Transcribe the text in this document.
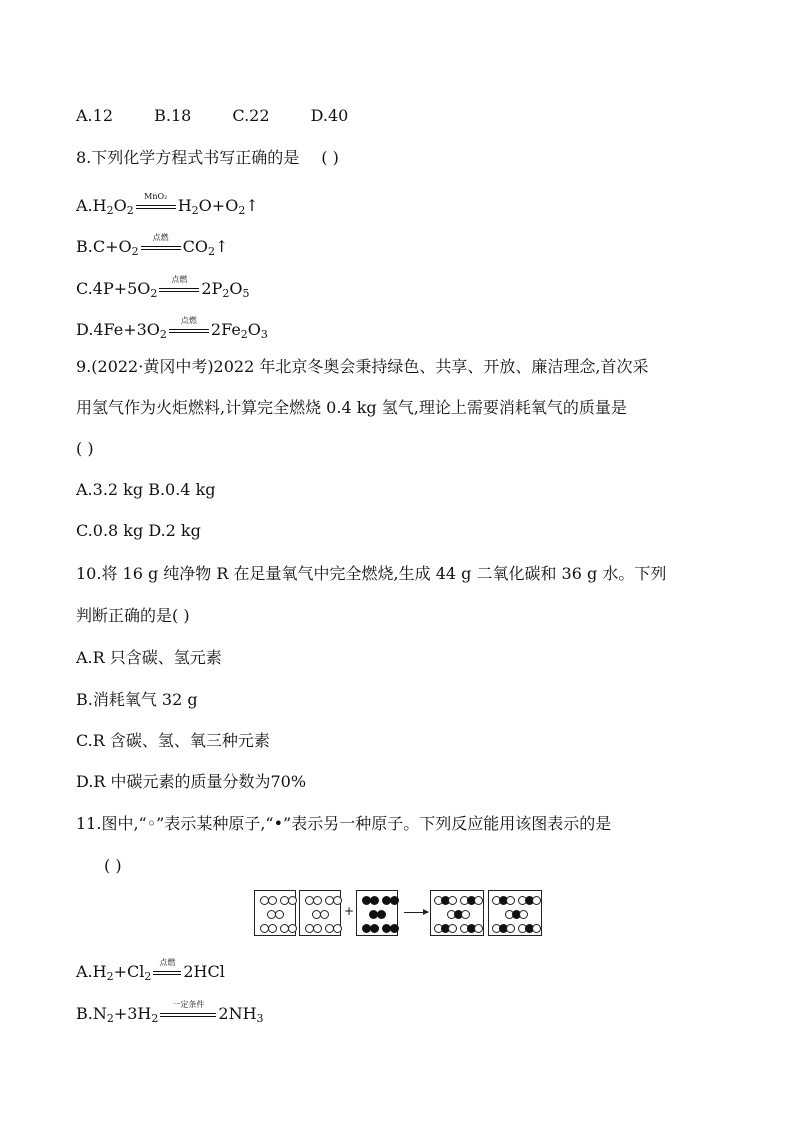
A.12	B.18	C.22	D.40
8.下列化学方程式书写正确的是 ( )
$A.H_2O_2$
MnO₂ $H_2O+O_2↑$
$B.C+O_2$
点燃 $CO_2↑$
$C.4P+5O_2$
点燃 $2P_2O_5$
$D.4Fe+3O_2$
点燃 $2Fe_2O_3$
9.(2022·黄冈中考)2022 年北京冬奥会秉持绿色、共享、开放、廉洁理念,首次采
用氢气作为火炬燃料,计算完全燃烧 0.4 kg 氢气,理论上需要消耗氧气的质量是
( )
A.3.2 kg B.0.4 kg
C.0.8 kg D.2 kg
10.将 16 g 纯净物 R 在足量氧气中完全燃烧,生成 44 g 二氧化碳和 36 g 水。下列
判断正确的是( )
A.R 只含碳、氢元素
B.消耗氧气 32 g
C.R 含碳、氢、氧三种元素
D.R 中碳元素的质量分数为70%
11.图中,“◦”表示某种原子,“•”表示另一种原子。下列反应能用该图表示的是
( )
+
$A.H_2+Cl_2$
点燃 2HCl
$B.N_2+3H_2$
一定条件 $2NH_3$
